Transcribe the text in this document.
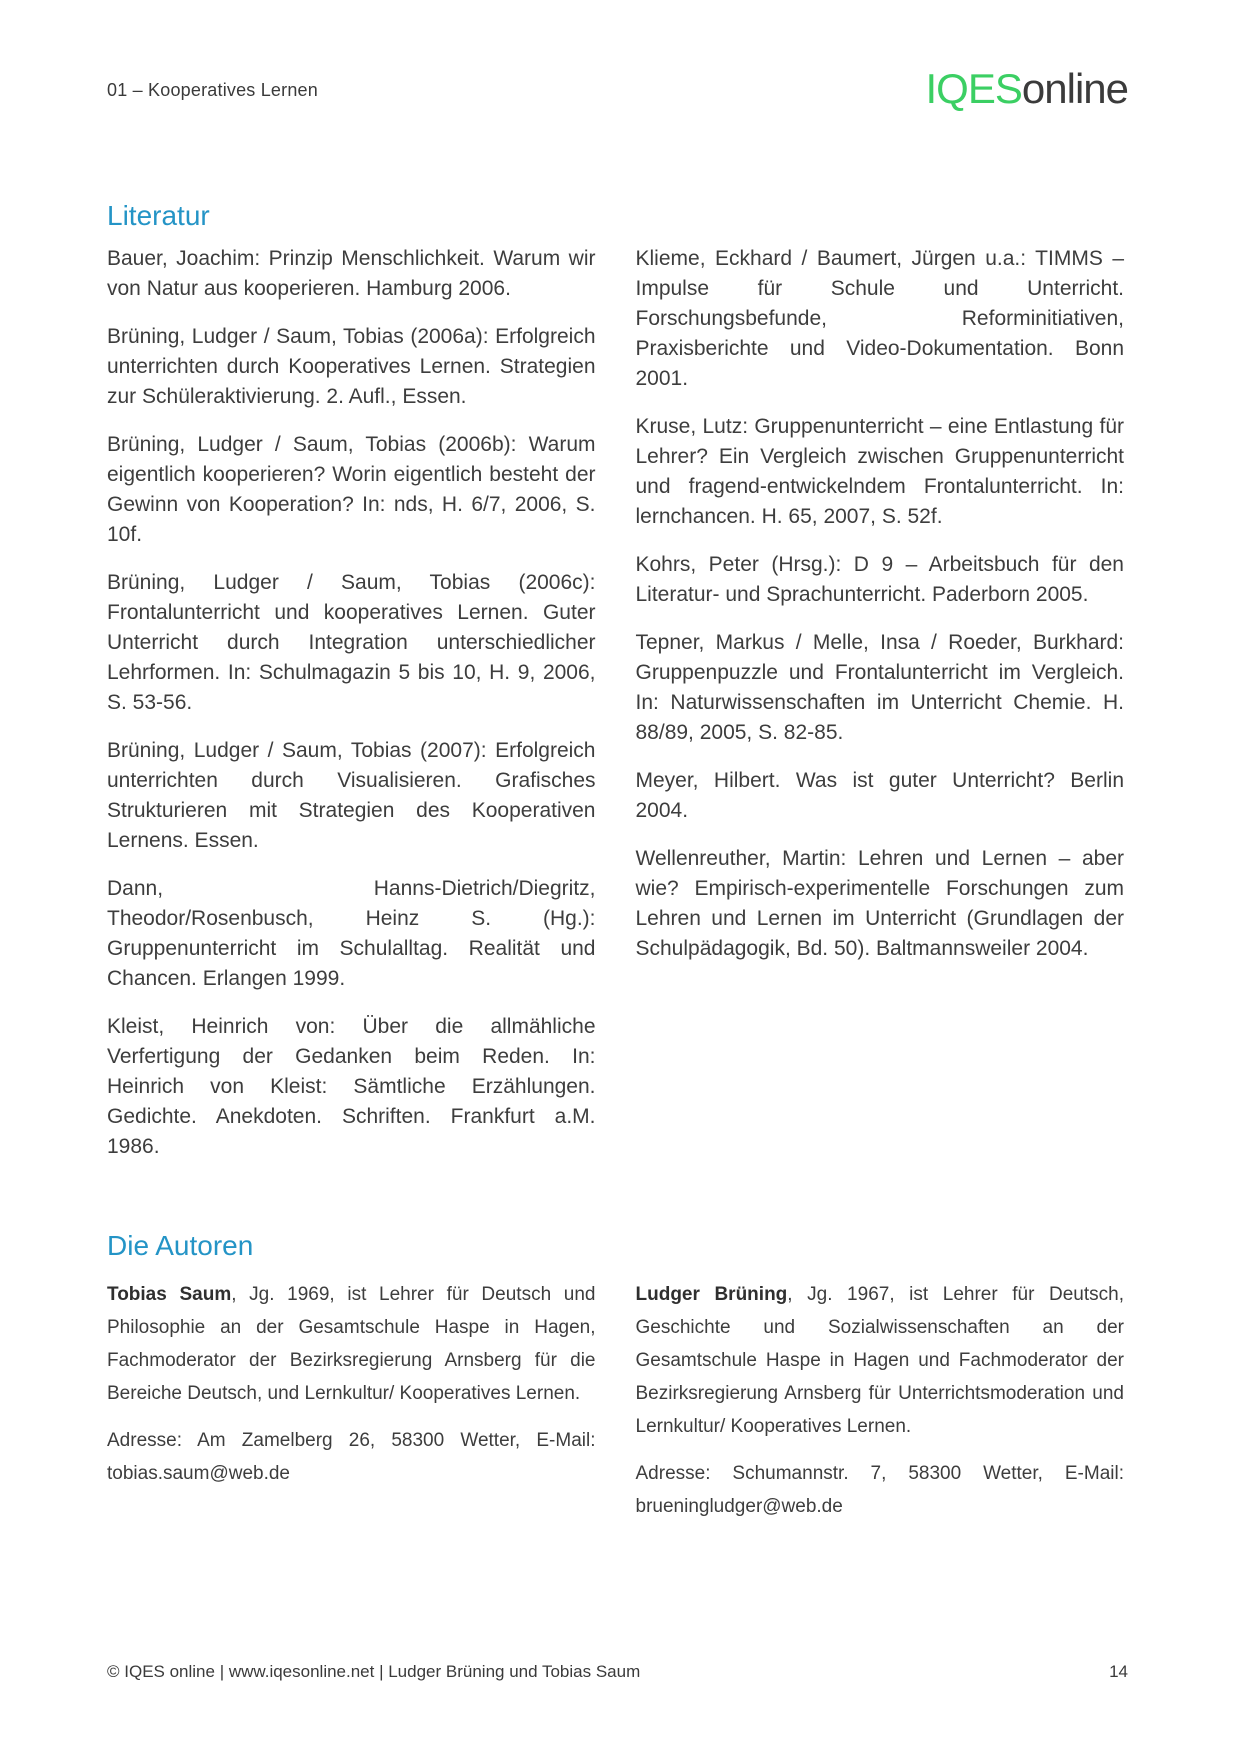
01 – Kooperatives Lernen	IQESonline
Literatur

Bauer, Joachim: Prinzip Menschlichkeit. Warum wir von Natur aus kooperieren. Hamburg 2006.

Brüning, Ludger / Saum, Tobias (2006a): Erfolgreich unterrichten durch Kooperatives Lernen. Strategien zur Schüleraktivierung. 2. Aufl., Essen.

Brüning, Ludger / Saum, Tobias (2006b): Warum eigentlich kooperieren? Worin eigentlich besteht der Gewinn von Kooperation? In: nds, H. 6/7, 2006, S. 10f.

Brüning, Ludger / Saum, Tobias (2006c): Frontalunterricht und kooperatives Lernen. Guter Unterricht durch Integration unterschiedlicher Lehrformen. In: Schulmagazin 5 bis 10, H. 9, 2006, S. 53-56.

Brüning, Ludger / Saum, Tobias (2007): Erfolgreich unterrichten durch Visualisieren. Grafisches Strukturieren mit Strategien des Kooperativen Lernens. Essen.

Dann, Hanns-Dietrich/Diegritz, Theodor/Rosenbusch, Heinz S. (Hg.): Gruppenunterricht im Schulalltag. Realität und Chancen. Erlangen 1999.

Kleist, Heinrich von: Über die allmähliche Verfertigung der Gedanken beim Reden. In: Heinrich von Kleist: Sämtliche Erzählungen. Gedichte. Anekdoten. Schriften. Frankfurt a.M. 1986.

Klieme, Eckhard / Baumert, Jürgen u.a.: TIMMS – Impulse für Schule und Unterricht. Forschungsbefunde, Reforminitiativen, Praxisberichte und Video-Dokumentation. Bonn 2001.

Kruse, Lutz: Gruppenunterricht – eine Entlastung für Lehrer? Ein Vergleich zwischen Gruppenunterricht und fragend-entwickelndem Frontalunterricht. In: lernchancen. H. 65, 2007, S. 52f.

Kohrs, Peter (Hrsg.): D 9 – Arbeitsbuch für den Literatur- und Sprachunterricht. Paderborn 2005.

Tepner, Markus / Melle, Insa / Roeder, Burkhard: Gruppenpuzzle und Frontalunterricht im Vergleich. In: Naturwissenschaften im Unterricht Chemie. H. 88/89, 2005, S. 82-85.

Meyer, Hilbert. Was ist guter Unterricht? Berlin 2004.

Wellenreuther, Martin: Lehren und Lernen – aber wie? Empirisch-experimentelle Forschungen zum Lehren und Lernen im Unterricht (Grundlagen der Schulpädagogik, Bd. 50). Baltmannsweiler 2004.

Die Autoren

Tobias Saum, Jg. 1969, ist Lehrer für Deutsch und Philosophie an der Gesamtschule Haspe in Hagen, Fachmoderator der Bezirksregierung Arnsberg für die Bereiche Deutsch, und Lernkultur/ Kooperatives Lernen.

Adresse: Am Zamelberg 26, 58300 Wetter, E-Mail: tobias.saum@web.de

Ludger Brüning, Jg. 1967, ist Lehrer für Deutsch, Geschichte und Sozialwissenschaften an der Gesamtschule Haspe in Hagen und Fachmoderator der Bezirksregierung Arnsberg für Unterrichtsmoderation und Lernkultur/ Kooperatives Lernen.

Adresse: Schumannstr. 7, 58300 Wetter, E-Mail: brueningludger@web.de

© IQES online | www.iqesonline.net | Ludger Brüning und Tobias Saum	14
